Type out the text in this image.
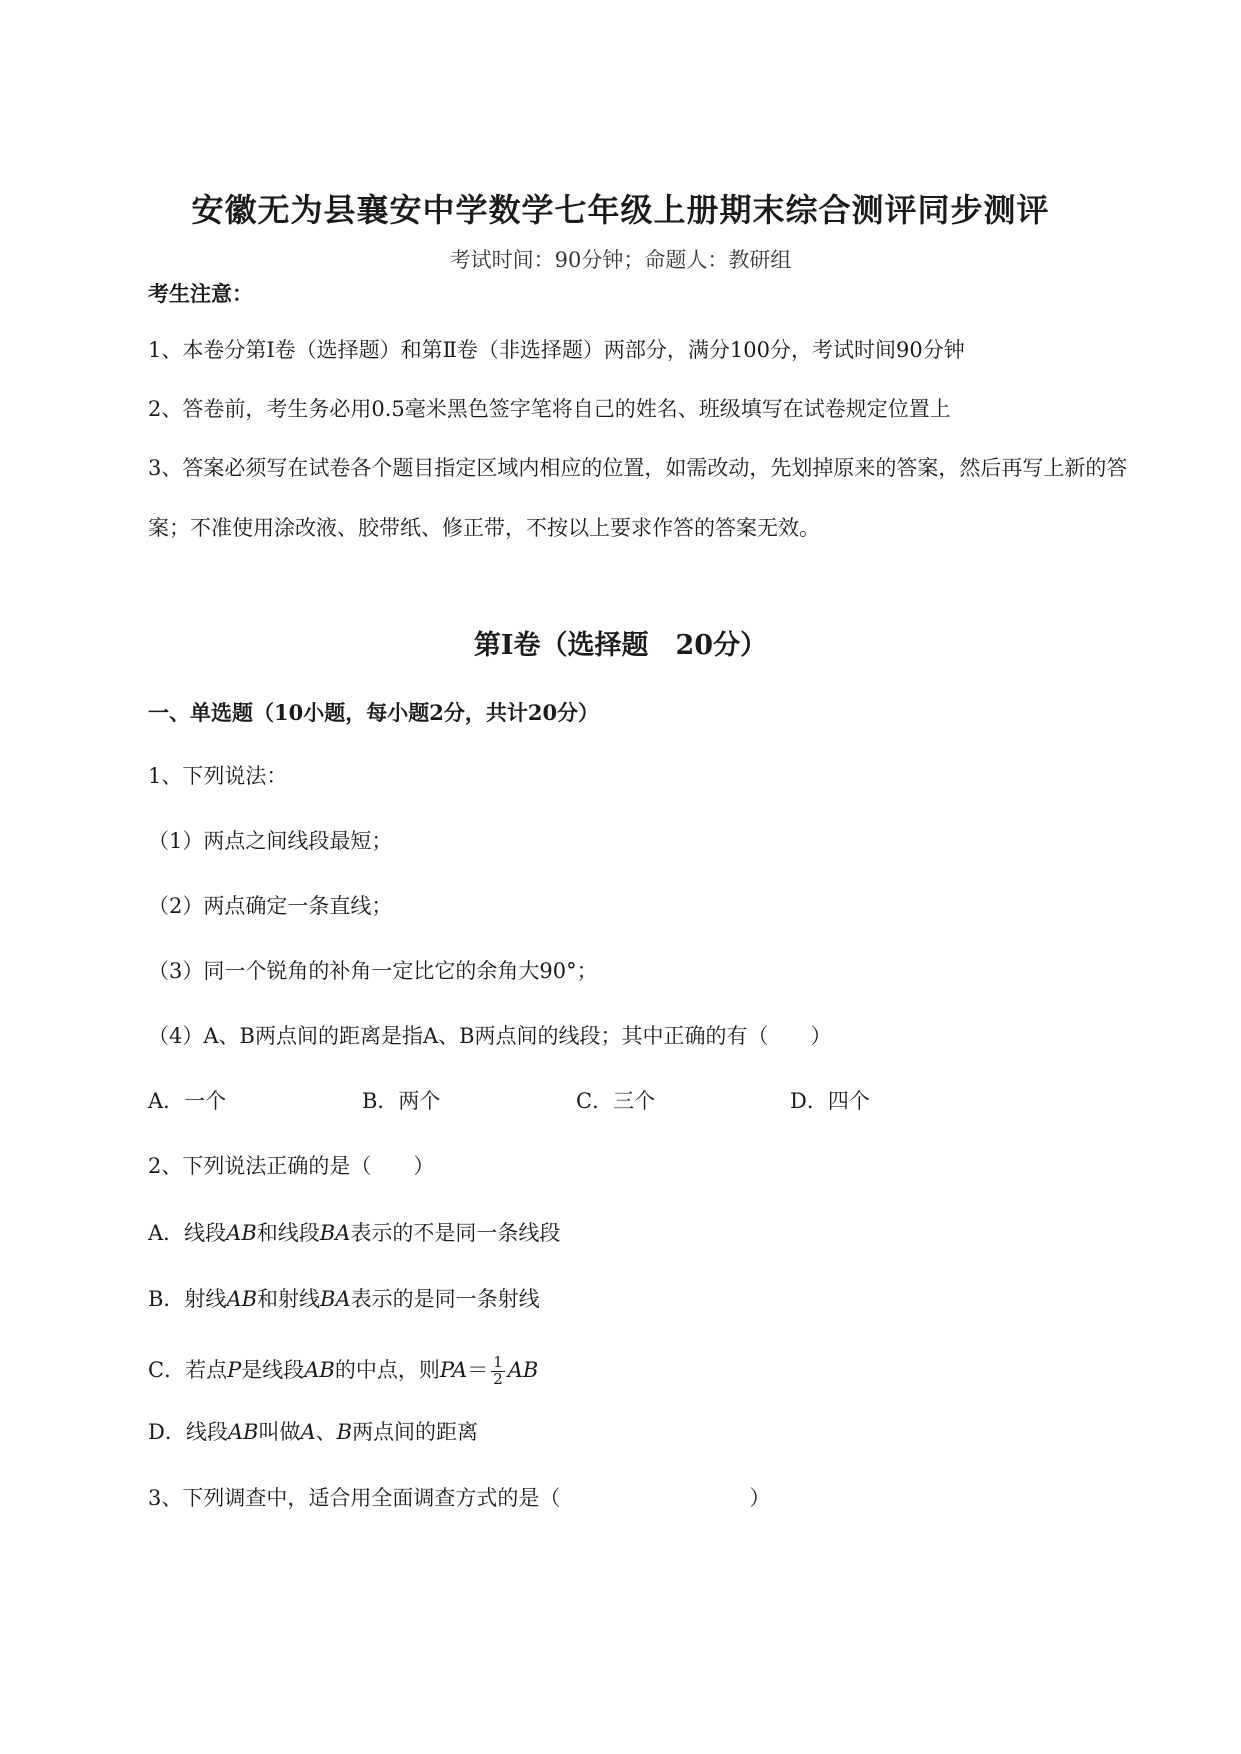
安徽无为县襄安中学数学七年级上册期末综合测评同步测评
考试时间：90分钟；命题人：教研组
考生注意：
1、本卷分第I卷（选择题）和第Ⅱ卷（非选择题）两部分，满分100分，考试时间90分钟
2、答卷前，考生务必用0.5毫米黑色签字笔将自己的姓名、班级填写在试卷规定位置上
3、答案必须写在试卷各个题目指定区域内相应的位置，如需改动，先划掉原来的答案，然后再写上新的答案；不准使用涂改液、胶带纸、修正带，不按以上要求作答的答案无效。
第I卷（选择题　20分）
一、单选题（10小题，每小题2分，共计20分）
1、下列说法：
（1）两点之间线段最短；
（2）两点确定一条直线；
（3）同一个锐角的补角一定比它的余角大90°；
（4）A、B两点间的距离是指A、B两点间的线段；其中正确的有（　　）
A．一个	B．两个	C．三个	D．四个
2、下列说法正确的是（　　）
A．线段AB和线段BA表示的不是同一条线段
B．射线AB和射线BA表示的是同一条射线
C．若点P是线段AB的中点，则$PA= \frac{1}{2}$ AB
D．线段AB叫做A、B两点间的距离
3、下列调查中，适合用全面调查方式的是（　　　　　　　　　）
